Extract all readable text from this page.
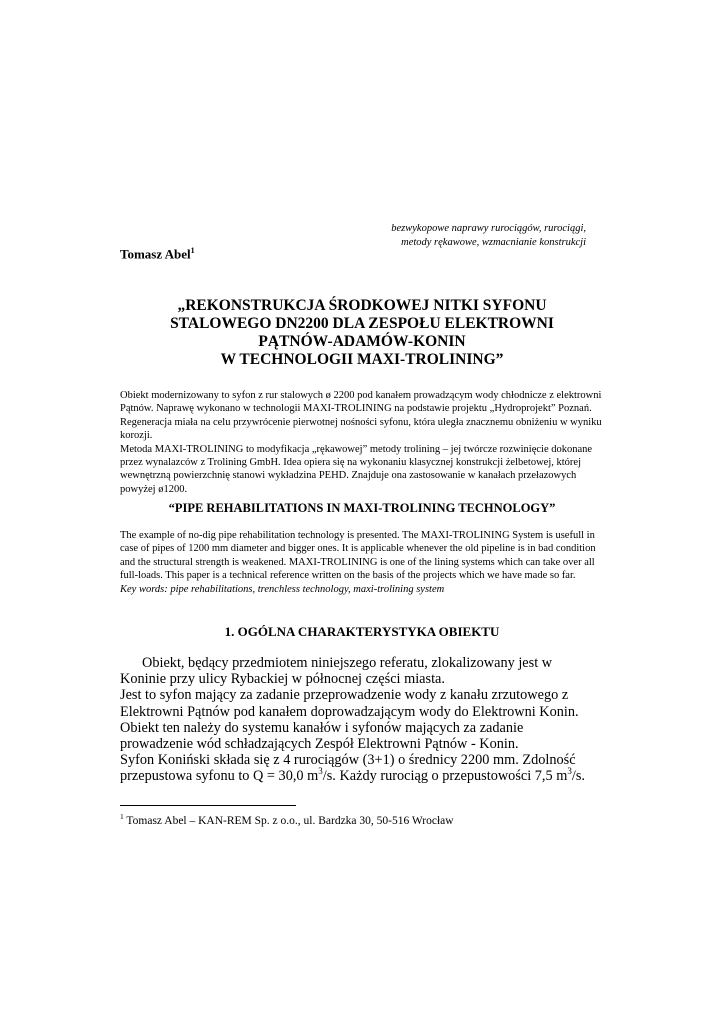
bezwykopowe naprawy rurociągów, rurociągi,
metody rękawowe, wzmacnianie konstrukcji
Tomasz Abel$^1$
„REKONSTRUKCJA ŚRODKOWEJ NITKI SYFONU
STALOWEGO DN2200 DLA ZESPOŁU ELEKTROWNI
PĄTNÓW-ADAMÓW-KONIN
W TECHNOLOGII MAXI-TROLINING”

Obiekt modernizowany to syfon z rur stalowych ø 2200 pod kanałem prowadzącym wody chłodnicze z elektrowni Pątnów. Naprawę wykonano w technologii MAXI-TROLINING na podstawie projektu „Hydroprojekt” Poznań. Regeneracja miała na celu przywrócenie pierwotnej nośności syfonu, która uległa znacznemu obniżeniu w wyniku korozji.

Metoda MAXI-TROLINING to modyfikacja „rękawowej” metody trolining – jej twórcze rozwinięcie dokonane przez wynalazców z Trolining GmbH. Idea opiera się na wykonaniu klasycznej konstrukcji żelbetowej, której wewnętrzną powierzchnię stanowi wykładzina PEHD. Znajduje ona zastosowanie w kanałach przełazowych powyżej ø1200.

“PIPE REHABILITATIONS IN MAXI-TROLINING TECHNOLOGY”

The example of no-dig pipe rehabilitation technology is presented. The MAXI-TROLINING System is usefull in case of pipes of 1200 mm diameter and bigger ones. It is applicable whenever the old pipeline is in bad condition and the structural strength is weakened. MAXI-TROLINING is one of the lining systems which can take over all full-loads. This paper is a technical reference written on the basis of the projects which we have made so far.

Key words: pipe rehabilitations, trenchless technology, maxi-trolining system

1. OGÓLNA CHARAKTERYSTYKA OBIEKTU

Obiekt, będący przedmiotem niniejszego referatu, zlokalizowany jest w Koninie przy ulicy Rybackiej w północnej części miasta.

Jest to syfon mający za zadanie przeprowadzenie wody z kanału zrzutowego z Elektrowni Pątnów pod kanałem doprowadzającym wody do Elektrowni Konin.

Obiekt ten należy do systemu kanałów i syfonów mających za zadanie prowadzenie wód schładzających Zespół Elektrowni Pątnów - Konin.

Syfon Koniński składa się z 4 rurociągów (3+1) o średnicy 2200 mm. Zdolność przepustowa syfonu to Q = 30,0 $m^3/s$. Każdy rurociąg o przepustowości 7,5 $m^3/s$.

$^1$ Tomasz Abel – KAN-REM Sp. z o.o., ul. Bardzka 30, 50-516 Wrocław
